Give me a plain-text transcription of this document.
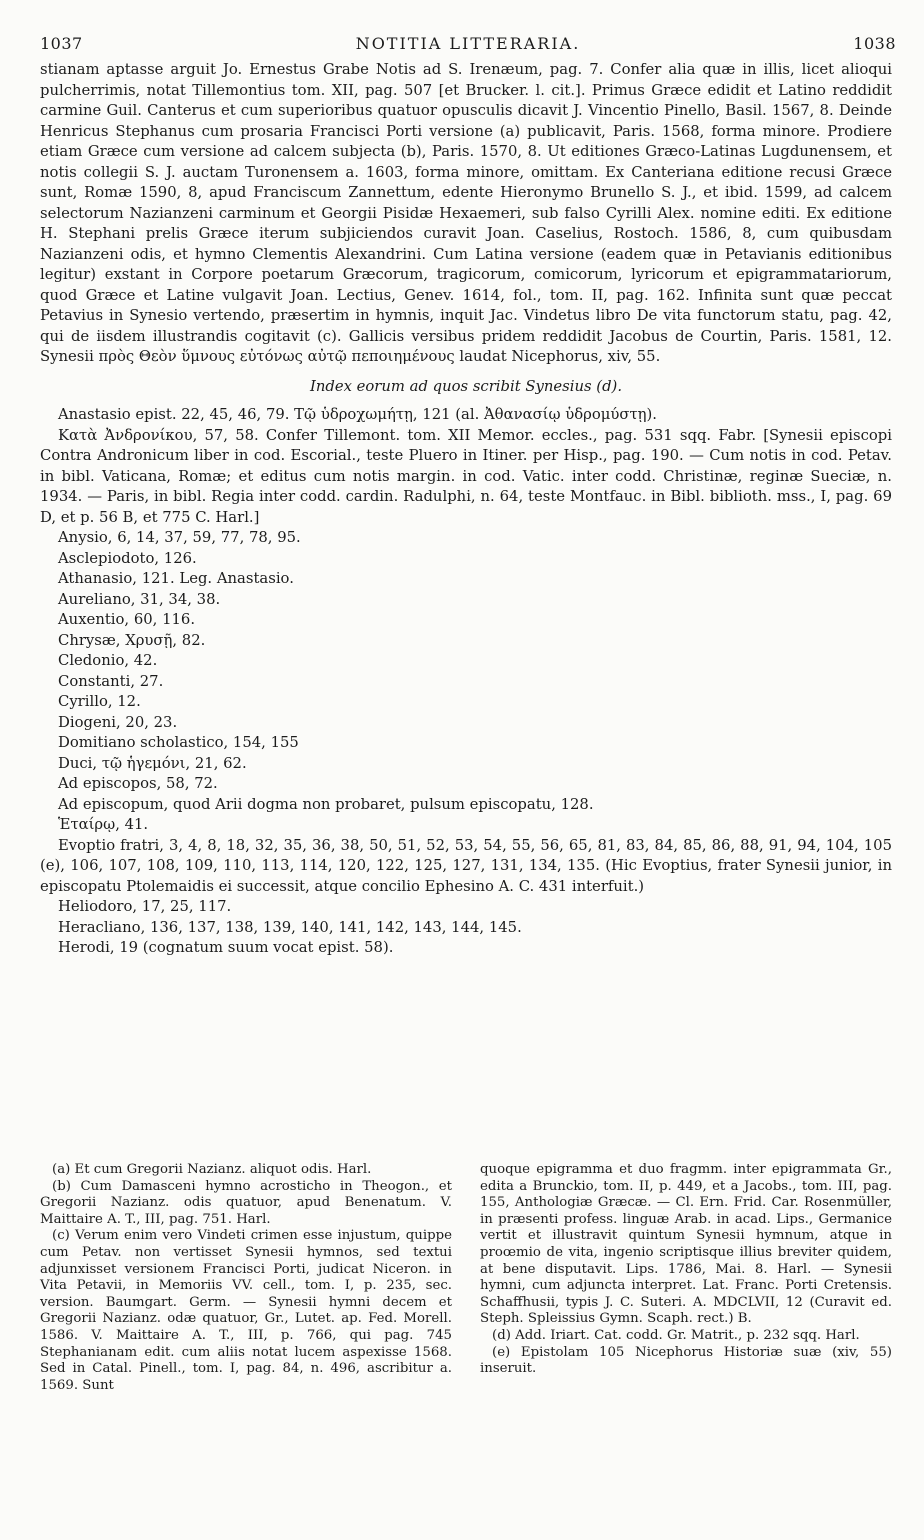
1037	NOTITIA LITTERARIA.	1038

stianam aptasse arguit Jo. Ernestus Grabe Notis ad S. Irenæum, pag. 7. Confer alia quæ in illis, licet alioqui pulcherrimis, notat Tillemontius tom. XII, pag. 507 [et Brucker. l. cit.]. Primus Græce edidit et Latino reddidit carmine Guil. Canterus et cum superioribus quatuor opusculis dicavit J. Vincentio Pinello, Basil. 1567, 8. Deinde Henricus Stephanus cum prosaria Francisci Porti versione (a) publicavit, Paris. 1568, forma minore. Prodiere etiam Græce cum versione ad calcem subjecta (b), Paris. 1570, 8. Ut editiones Græco-Latinas Lugdunensem, et notis collegii S. J. auctam Turonensem a. 1603, forma minore, omittam. Ex Canteriana editione recusi Græce sunt, Romæ 1590, 8, apud Franciscum Zannettum, edente Hieronymo Brunello S. J., et ibid. 1599, ad calcem selectorum Nazianzeni carminum et Georgii Pisidæ Hexaemeri, sub falso Cyrilli Alex. nomine editi. Ex editione H. Stephani prelis Græce iterum subjiciendos curavit Joan. Caselius, Rostoch. 1586, 8, cum quibusdam Nazianzeni odis, et hymno Clementis Alexandrini. Cum Latina versione (eadem quæ in Petavianis editionibus legitur) exstant in Corpore poetarum Græcorum, tragicorum, comicorum, lyricorum et epigrammatariorum, quod Græce et Latine vulgavit Joan. Lectius, Genev. 1614, fol., tom. II, pag. 162. Infinita sunt quæ peccat Petavius in Synesio vertendo, præsertim in hymnis, inquit Jac. Vindetus libro De vita functorum statu, pag. 42, qui de iisdem illustrandis cogitavit (c). Gallicis versibus pridem reddidit Jacobus de Courtin, Paris. 1581, 12. Synesii πρὸς Θεὸν ὕμνους εὐτόνως αὐτῷ πεποιημένους laudat Nicephorus, xiv, 55.

Index eorum ad quos scribit Synesius (d).

Anastasio epist. 22, 45, 46, 79. Τῷ ὑδροχωμήτῃ, 121 (al. Ἀθανασίῳ ὑδρομύστῃ).

Κατὰ Ἀνδρονίκου, 57, 58. Confer Tillemont. tom. XII Memor. eccles., pag. 531 sqq. Fabr. [Synesii episcopi Contra Andronicum liber in cod. Escorial., teste Pluero in Itiner. per Hisp., pag. 190. — Cum notis in cod. Petav. in bibl. Vaticana, Romæ; et editus cum notis margin. in cod. Vatic. inter codd. Christinæ, reginæ Sueciæ, n. 1934. — Paris, in bibl. Regia inter codd. cardin. Radulphi, n. 64, teste Montfauc. in Bibl. biblioth. mss., I, pag. 69 D, et p. 56 B, et 775 C. Harl.]

Anysio, 6, 14, 37, 59, 77, 78, 95.

Asclepiodoto, 126.

Athanasio, 121. Leg. Anastasio.

Aureliano, 31, 34, 38.

Auxentio, 60, 116.

Chrysæ, Χρυσῇ, 82.

Cledonio, 42.

Constanti, 27.

Cyrillo, 12.

Diogeni, 20, 23.

Domitiano scholastico, 154, 155

Duci, τῷ ἡγεμόνι, 21, 62.

Ad episcopos, 58, 72.

Ad episcopum, quod Arii dogma non probaret, pulsum episcopatu, 128.

Ἑταίρῳ, 41.

Evoptio fratri, 3, 4, 8, 18, 32, 35, 36, 38, 50, 51, 52, 53, 54, 55, 56, 65, 81, 83, 84, 85, 86, 88, 91, 94, 104, 105 (e), 106, 107, 108, 109, 110, 113, 114, 120, 122, 125, 127, 131, 134, 135. (Hic Evoptius, frater Synesii junior, in episcopatu Ptolemaidis ei successit, atque concilio Ephesino A. C. 431 interfuit.)

Heliodoro, 17, 25, 117.

Heracliano, 136, 137, 138, 139, 140, 141, 142, 143, 144, 145.

Herodi, 19 (cognatum suum vocat epist. 58).

(a) Et cum Gregorii Nazianz. aliquot odis. Harl.

(b) Cum Damasceni hymno acrosticho in Theogon., et Gregorii Nazianz. odis quatuor, apud Benenatum. V. Maittaire A. T., III, pag. 751. Harl.

(c) Verum enim vero Vindeti crimen esse injustum, quippe cum Petav. non vertisset Synesii hymnos, sed textui adjunxisset versionem Francisci Porti, judicat Niceron. in Vita Petavii, in Memoriis VV. cell., tom. I, p. 235, sec. version. Baumgart. Germ. — Synesii hymni decem et Gregorii Nazianz. odæ quatuor, Gr., Lutet. ap. Fed. Morell. 1586. V. Maittaire A. T., III, p. 766, qui pag. 745 Stephanianam edit. cum aliis notat lucem aspexisse 1568. Sed in Catal. Pinell., tom. I, pag. 84, n. 496, ascribitur a. 1569. Sunt

quoque epigramma et duo fragmm. inter epigrammata Gr., edita a Brunckio, tom. II, p. 449, et a Jacobs., tom. III, pag. 155, Anthologiæ Græcæ. — Cl. Ern. Frid. Car. Rosenmüller, in præsenti profess. linguæ Arab. in acad. Lips., Germanice vertit et illustravit quintum Synesii hymnum, atque in proœmio de vita, ingenio scriptisque illius breviter quidem, at bene disputavit. Lips. 1786, Mai. 8. Harl. — Synesii hymni, cum adjuncta interpret. Lat. Franc. Porti Cretensis. Schaffhusii, typis J. C. Suteri. A. MDCLVII, 12 (Curavit ed. Steph. Spleissius Gymn. Scaph. rect.) B.

(d) Add. Iriart. Cat. codd. Gr. Matrit., p. 232 sqq. Harl.

(e) Epistolam 105 Nicephorus Historiæ suæ (xiv, 55) inseruit.
